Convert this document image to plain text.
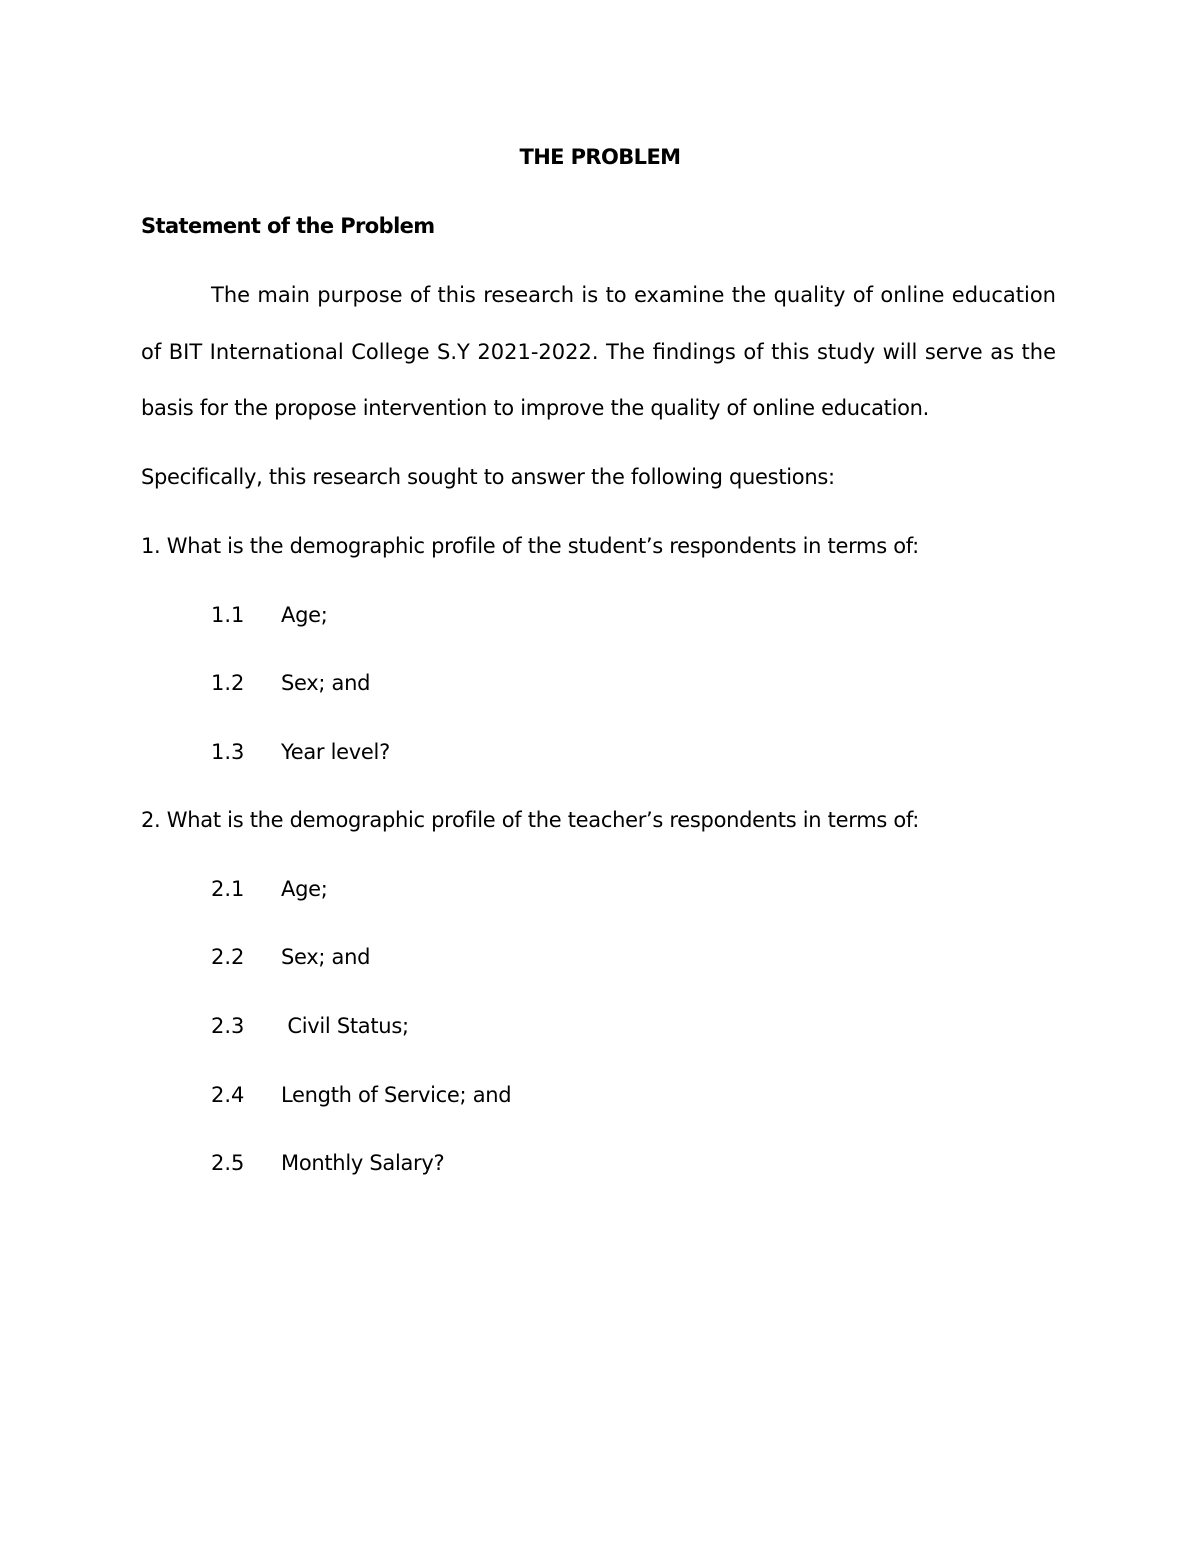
THE PROBLEM
Statement of the Problem
The main purpose of this research is to examine the quality of online education
of BIT International College S.Y 2021-2022. The findings of this study will serve as the
basis for the propose intervention to improve the quality of online education.
Specifically, this research sought to answer the following questions:
1. What is the demographic profile of the student’s respondents in terms of:
1.1 Age;
1.2 Sex; and
1.3 Year level?
2. What is the demographic profile of the teacher’s respondents in terms of:
2.1 Age;
2.2 Sex; and
2.3 Civil Status;
2.4 Length of Service; and
2.5 Monthly Salary?
